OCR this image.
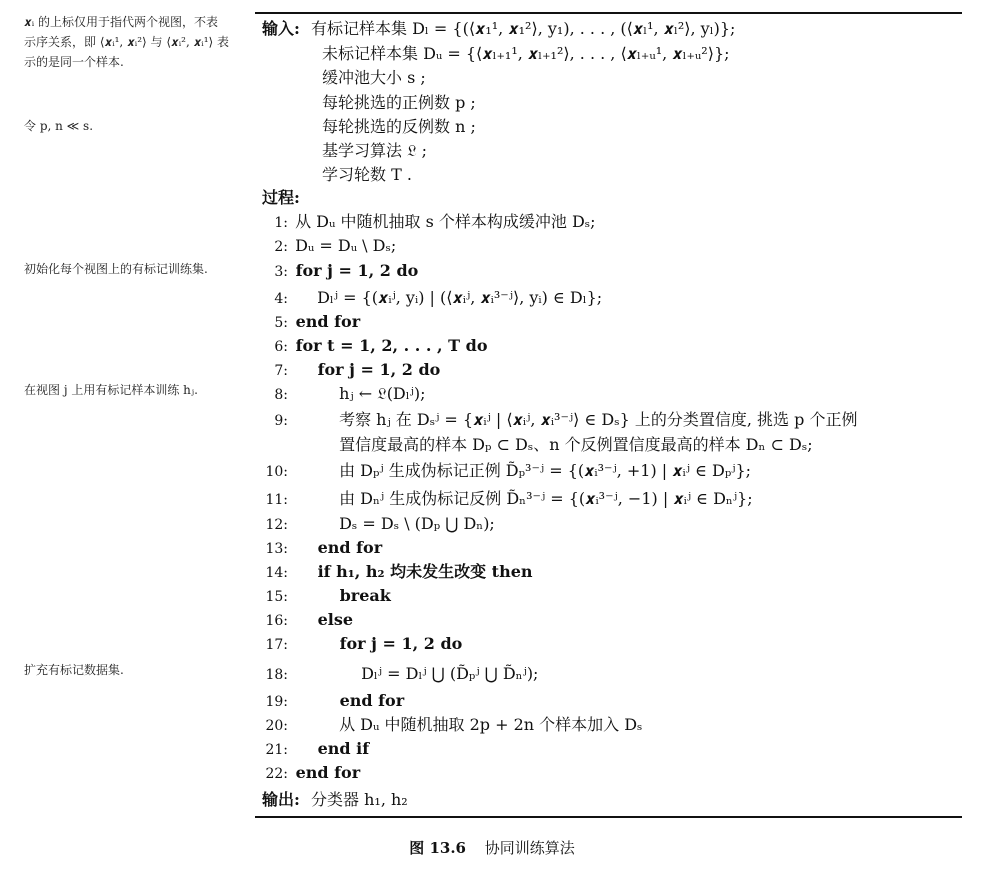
𝒙ᵢ 的上标仅用于指代两个视图，不表示序关系，即 ⟨𝒙ᵢ¹, 𝒙ᵢ²⟩ 与 ⟨𝒙ᵢ², 𝒙ᵢ¹⟩ 表示的是同一个样本.
令 p, n ≪ s.
初始化每个视图上的有标记训练集.
在视图 j 上用有标记样本训练 hⱼ.
扩充有标记数据集.
输入: 有标记样本集 Dₗ = {(⟨𝒙₁¹, 𝒙₁²⟩, y₁), . . . , (⟨𝒙ₗ¹, 𝒙ₗ²⟩, yₗ)};
未标记样本集 Dᵤ = {⟨𝒙ₗ₊₁¹, 𝒙ₗ₊₁²⟩, . . . , ⟨𝒙ₗ₊ᵤ¹, 𝒙ₗ₊ᵤ²⟩};
缓冲池大小 s ;
每轮挑选的正例数 p ;
每轮挑选的反例数 n ;
基学习算法 𝔏 ;
学习轮数 T .
过程:
1: 从 Dᵤ 中随机抽取 s 个样本构成缓冲池 Dₛ;
2: Dᵤ = Dᵤ \ Dₛ;
3: for j = 1, 2 do
4: Dₗʲ = {(𝒙ᵢʲ, yᵢ) | (⟨𝒙ᵢʲ, 𝒙ᵢ³⁻ʲ⟩, yᵢ) ∈ Dₗ};
5: end for
6: for t = 1, 2, . . . , T do
7: for j = 1, 2 do
8:	hⱼ ← 𝔏(Dₗʲ);
9:	考察 hⱼ 在 Dₛʲ = {𝒙ᵢʲ | ⟨𝒙ᵢʲ, 𝒙ᵢ³⁻ʲ⟩ ∈ Dₛ} 上的分类置信度, 挑选 p 个正例
置信度最高的样本 Dₚ ⊂ Dₛ、n 个反例置信度最高的样本 Dₙ ⊂ Dₛ;
10:	由 Dₚʲ 生成伪标记正例 D̃ₚ³⁻ʲ = {(𝒙ᵢ³⁻ʲ, +1) | 𝒙ᵢʲ ∈ Dₚʲ};
11:	由 Dₙʲ 生成伪标记反例 D̃ₙ³⁻ʲ = {(𝒙ᵢ³⁻ʲ, −1) | 𝒙ᵢʲ ∈ Dₙʲ};
12:	Dₛ = Dₛ \ (Dₚ ⋃ Dₙ);
13: end for
14: if h₁, h₂ 均未发生改变 then
15:	break
16: else
17:	for j = 1, 2 do
18:	Dₗʲ = Dₗʲ ⋃ (D̃ₚʲ ⋃ D̃ₙʲ);
19:	end for
20:	从 Dᵤ 中随机抽取 2p + 2n 个样本加入 Dₛ
21: end if
22: end for
输出: 分类器 h₁, h₂
图 13.6 协同训练算法
